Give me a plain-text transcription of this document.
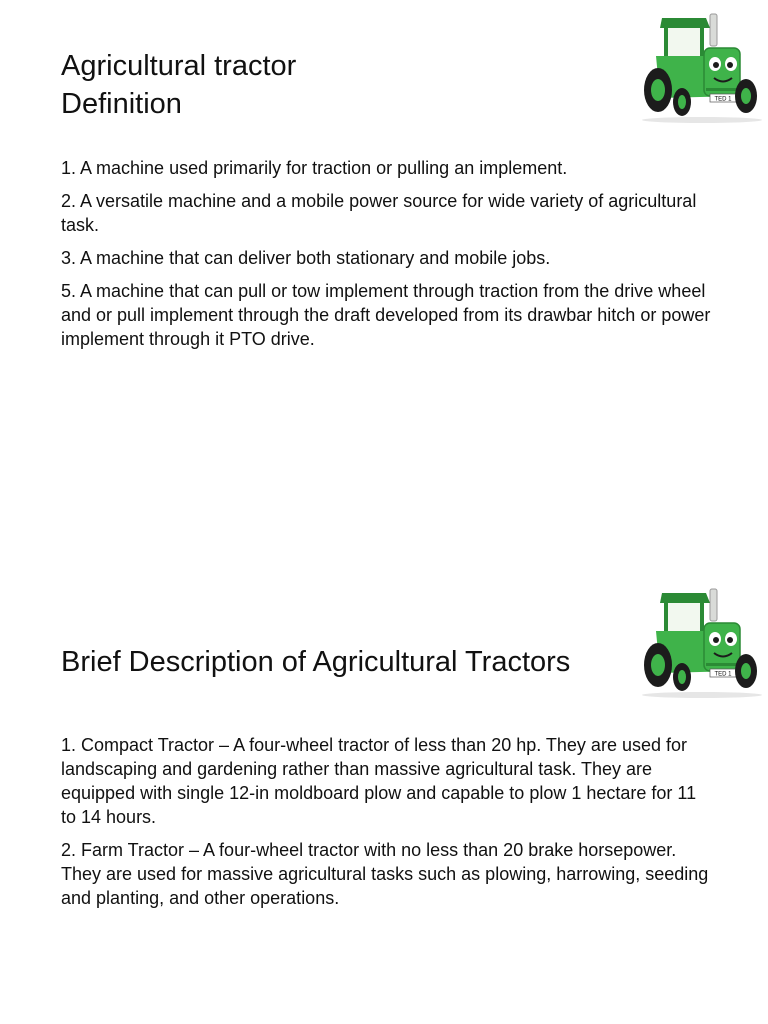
Agricultural tractor
Definition
1. A machine used primarily for traction or pulling an implement.
2. A versatile machine and a mobile power source for wide variety of agricultural task.
3. A machine that can deliver both stationary and mobile jobs.
5. A machine that can pull or tow implement through traction from the drive wheel and or pull implement through the draft developed from its drawbar hitch or power implement through it PTO drive.
TED 1
Brief Description of Agricultural Tractors
1. Compact Tractor – A four-wheel tractor of less than 20 hp. They are used for landscaping and gardening rather than massive agricultural task. They are equipped with single 12-in moldboard plow and capable to plow 1 hectare for 11 to 14 hours.
2. Farm Tractor – A four-wheel tractor with no less than 20 brake horsepower. They are used for massive agricultural tasks such as plowing, harrowing, seeding and planting, and other operations.
TED 1
